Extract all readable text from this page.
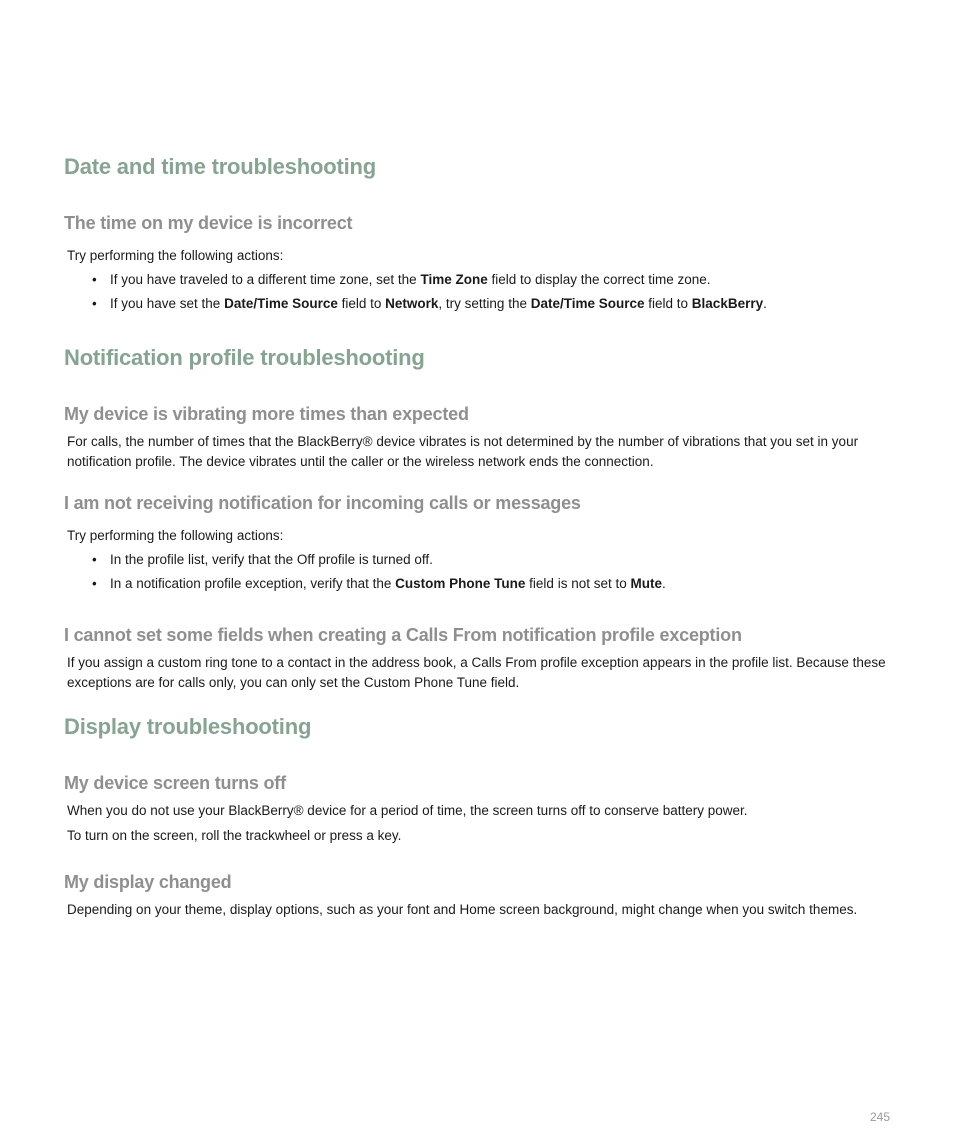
Date and time troubleshooting
The time on my device is incorrect

Try performing the following actions:

• If you have traveled to a different time zone, set the Time Zone field to display the correct time zone.

• If you have set the Date/Time Source field to Network, try setting the Date/Time Source field to BlackBerry.

Notification profile troubleshooting
My device is vibrating more times than expected

For calls, the number of times that the BlackBerry® device vibrates is not determined by the number of vibrations that you set in your notification profile. The device vibrates until the caller or the wireless network ends the connection.

I am not receiving notification for incoming calls or messages

Try performing the following actions:

• In the profile list, verify that the Off profile is turned off.

• In a notification profile exception, verify that the Custom Phone Tune field is not set to Mute.

I cannot set some fields when creating a Calls From notification profile exception

If you assign a custom ring tone to a contact in the address book, a Calls From profile exception appears in the profile list. Because these exceptions are for calls only, you can only set the Custom Phone Tune field.

Display troubleshooting
My device screen turns off

When you do not use your BlackBerry® device for a period of time, the screen turns off to conserve battery power.

To turn on the screen, roll the trackwheel or press a key.

My display changed

Depending on your theme, display options, such as your font and Home screen background, might change when you switch themes.

245
